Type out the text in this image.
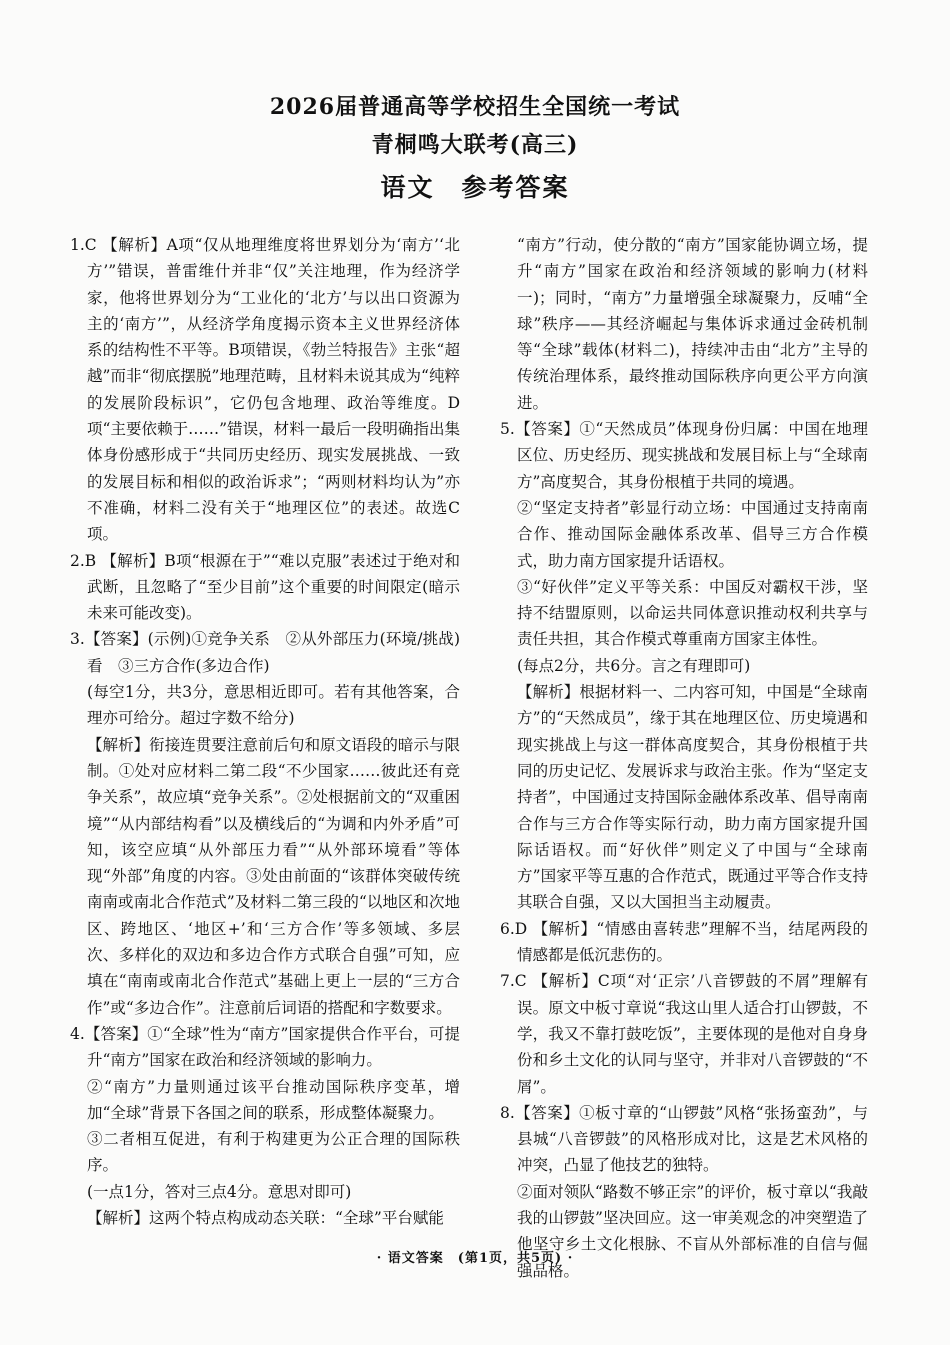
2026届普通高等学校招生全国统一考试
青桐鸣大联考(高三)
语文　参考答案

1.C 【解析】A项“仅从地理维度将世界划分为‘南方’‘北方’”错误，普雷维什并非“仅”关注地理，作为经济学家，他将世界划分为“工业化的‘北方’与以出口资源为主的‘南方’”，从经济学角度揭示资本主义世界经济体系的结构性不平等。B项错误，《勃兰特报告》主张“超越”而非“彻底摆脱”地理范畴，且材料未说其成为“纯粹的发展阶段标识”，它仍包含地理、政治等维度。D项“主要依赖于……”错误，材料一最后一段明确指出集体身份感形成于“共同历史经历、现实发展挑战、一致的发展目标和相似的政治诉求”；“两则材料均认为”亦不准确，材料二没有关于“地理区位”的表述。故选C项。

2.B 【解析】B项“根源在于”“难以克服”表述过于绝对和武断，且忽略了“至少目前”这个重要的时间限定(暗示未来可能改变)。

3.【答案】(示例)①竞争关系　②从外部压力(环境/挑战)看　③三方合作(多边合作)

(每空1分，共3分，意思相近即可。若有其他答案，合理亦可给分。超过字数不给分)

【解析】衔接连贯要注意前后句和原文语段的暗示与限制。①处对应材料二第二段“不少国家……彼此还有竞争关系”，故应填“竞争关系”。②处根据前文的“双重困境”“从内部结构看”以及横线后的“为调和内外矛盾”可知，该空应填“从外部压力看”“从外部环境看”等体现“外部”角度的内容。③处由前面的“该群体突破传统南南或南北合作范式”及材料二第三段的“以地区和次地区、跨地区、‘地区+’和‘三方合作’等多领域、多层次、多样化的双边和多边合作方式联合自强”可知，应填在“南南或南北合作范式”基础上更上一层的“三方合作”或“多边合作”。注意前后词语的搭配和字数要求。

4.【答案】①“全球”性为“南方”国家提供合作平台，可提升“南方”国家在政治和经济领域的影响力。

②“南方”力量则通过该平台推动国际秩序变革，增加“全球”背景下各国之间的联系，形成整体凝聚力。

③二者相互促进，有利于构建更为公正合理的国际秩序。

(一点1分，答对三点4分。意思对即可)

【解析】这两个特点构成动态关联：“全球”平台赋能

“南方”行动，使分散的“南方”国家能协调立场，提升“南方”国家在政治和经济领域的影响力(材料一)；同时，“南方”力量增强全球凝聚力，反哺“全球”秩序——其经济崛起与集体诉求通过金砖机制等“全球”载体(材料二)，持续冲击由“北方”主导的传统治理体系，最终推动国际秩序向更公平方向演进。

5.【答案】①“天然成员”体现身份归属：中国在地理区位、历史经历、现实挑战和发展目标上与“全球南方”高度契合，其身份根植于共同的境遇。

②“坚定支持者”彰显行动立场：中国通过支持南南合作、推动国际金融体系改革、倡导三方合作模式，助力南方国家提升话语权。

③“好伙伴”定义平等关系：中国反对霸权干涉，坚持不结盟原则，以命运共同体意识推动权利共享与责任共担，其合作模式尊重南方国家主体性。

(每点2分，共6分。言之有理即可)

【解析】根据材料一、二内容可知，中国是“全球南方”的“天然成员”，缘于其在地理区位、历史境遇和现实挑战上与这一群体高度契合，其身份根植于共同的历史记忆、发展诉求与政治主张。作为“坚定支持者”，中国通过支持国际金融体系改革、倡导南南合作与三方合作等实际行动，助力南方国家提升国际话语权。而“好伙伴”则定义了中国与“全球南方”国家平等互惠的合作范式，既通过平等合作支持其联合自强，又以大国担当主动履责。

6.D 【解析】“情感由喜转悲”理解不当，结尾两段的情感都是低沉悲伤的。

7.C 【解析】C项“对‘正宗’八音锣鼓的不屑”理解有误。原文中板寸章说“我这山里人适合打山锣鼓，不学，我又不靠打鼓吃饭”，主要体现的是他对自身身份和乡土文化的认同与坚守，并非对八音锣鼓的“不屑”。

8.【答案】①板寸章的“山锣鼓”风格“张扬蛮劲”，与县城“八音锣鼓”的风格形成对比，这是艺术风格的冲突，凸显了他技艺的独特。

②面对领队“路数不够正宗”的评价，板寸章以“我敲我的山锣鼓”坚决回应。这一审美观念的冲突塑造了他坚守乡土文化根脉、不盲从外部标准的自信与倔强品格。

· 语文答案　(第1页，共5页) ·
